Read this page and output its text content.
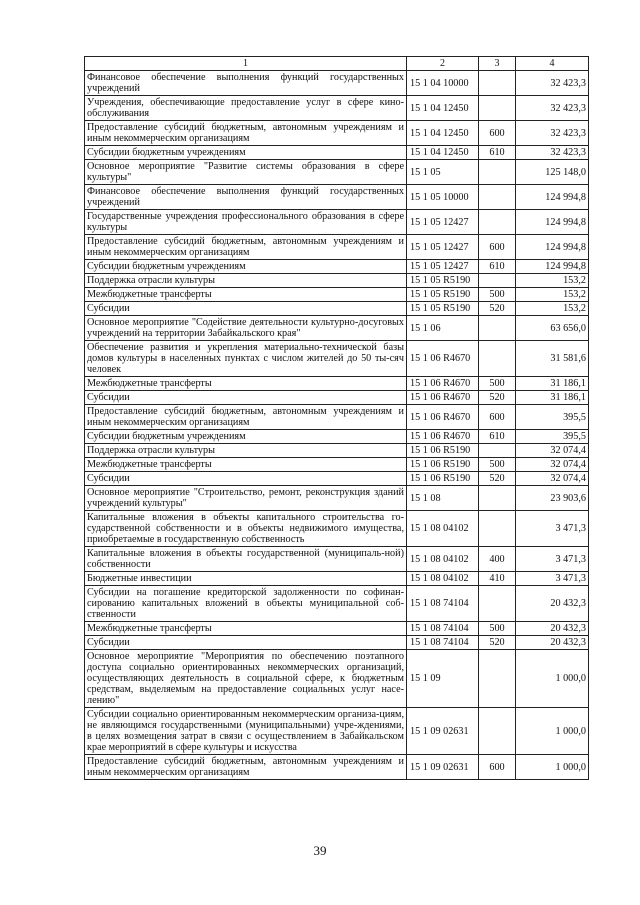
1	2	3	4
Финансовое обеспечение выполнения функций государственных учреждений	15 1 04 10000		32 423,3
Учреждения, обеспечивающие предоставление услуг в сфере кино-обслуживания	15 1 04 12450		32 423,3
Предоставление субсидий бюджетным, автономным учреждениям и иным некоммерческим организациям	15 1 04 12450	600	32 423,3
Субсидии бюджетным учреждениям	15 1 04 12450	610	32 423,3
Основное мероприятие "Развитие системы образования в сфере культуры"	15 1 05		125 148,0
Финансовое обеспечение выполнения функций государственных учреждений	15 1 05 10000		124 994,8
Государственные учреждения профессионального образования в сфере культуры	15 1 05 12427		124 994,8
Предоставление субсидий бюджетным, автономным учреждениям и иным некоммерческим организациям	15 1 05 12427	600	124 994,8
Субсидии бюджетным учреждениям	15 1 05 12427	610	124 994,8
Поддержка отрасли культуры	15 1 05 R5190		153,2
Межбюджетные трансферты	15 1 05 R5190	500	153,2
Субсидии	15 1 05 R5190	520	153,2
Основное мероприятие "Содействие деятельности культурно-досуговых учреждений на территории Забайкальского края"	15 1 06		63 656,0
Обеспечение развития и укрепления материально-технической базы домов культуры в населенных пунктах с числом жителей до 50 ты-сяч человек	15 1 06 R4670		31 581,6
Межбюджетные трансферты	15 1 06 R4670	500	31 186,1
Субсидии	15 1 06 R4670	520	31 186,1
Предоставление субсидий бюджетным, автономным учреждениям и иным некоммерческим организациям	15 1 06 R4670	600	395,5
Субсидии бюджетным учреждениям	15 1 06 R4670	610	395,5
Поддержка отрасли культуры	15 1 06 R5190		32 074,4
Межбюджетные трансферты	15 1 06 R5190	500	32 074,4
Субсидии	15 1 06 R5190	520	32 074,4
Основное мероприятие "Строительство, ремонт, реконструкция зданий учреждений культуры"	15 1 08		23 903,6
Капитальные вложения в объекты капитального строительства го-сударственной собственности и в объекты недвижимого имущества, приобретаемые в государственную собственность	15 1 08 04102		3 471,3
Капитальные вложения в объекты государственной (муниципаль-ной) собственности	15 1 08 04102	400	3 471,3
Бюджетные инвестиции	15 1 08 04102	410	3 471,3
Субсидии на погашение кредиторской задолженности по софинан-сированию капитальных вложений в объекты муниципальной соб-ственности	15 1 08 74104		20 432,3
Межбюджетные трансферты	15 1 08 74104	500	20 432,3
Субсидии	15 1 08 74104	520	20 432,3
Основное мероприятие "Мероприятия по обеспечению поэтапного доступа социально ориентированных некоммерческих организаций, осуществляющих деятельность в социальной сфере, к бюджетным средствам, выделяемым на предоставление социальных услуг насе-лению"	15 1 09		1 000,0
Субсидии социально ориентированным некоммерческим организа-циям, не являющимся государственными (муниципальными) учре-ждениями, в целях возмещения затрат в связи с осуществлением в Забайкальском крае мероприятий в сфере культуры и искусства	15 1 09 02631		1 000,0
Предоставление субсидий бюджетным, автономным учреждениям и иным некоммерческим организациям	15 1 09 02631	600	1 000,0
39
